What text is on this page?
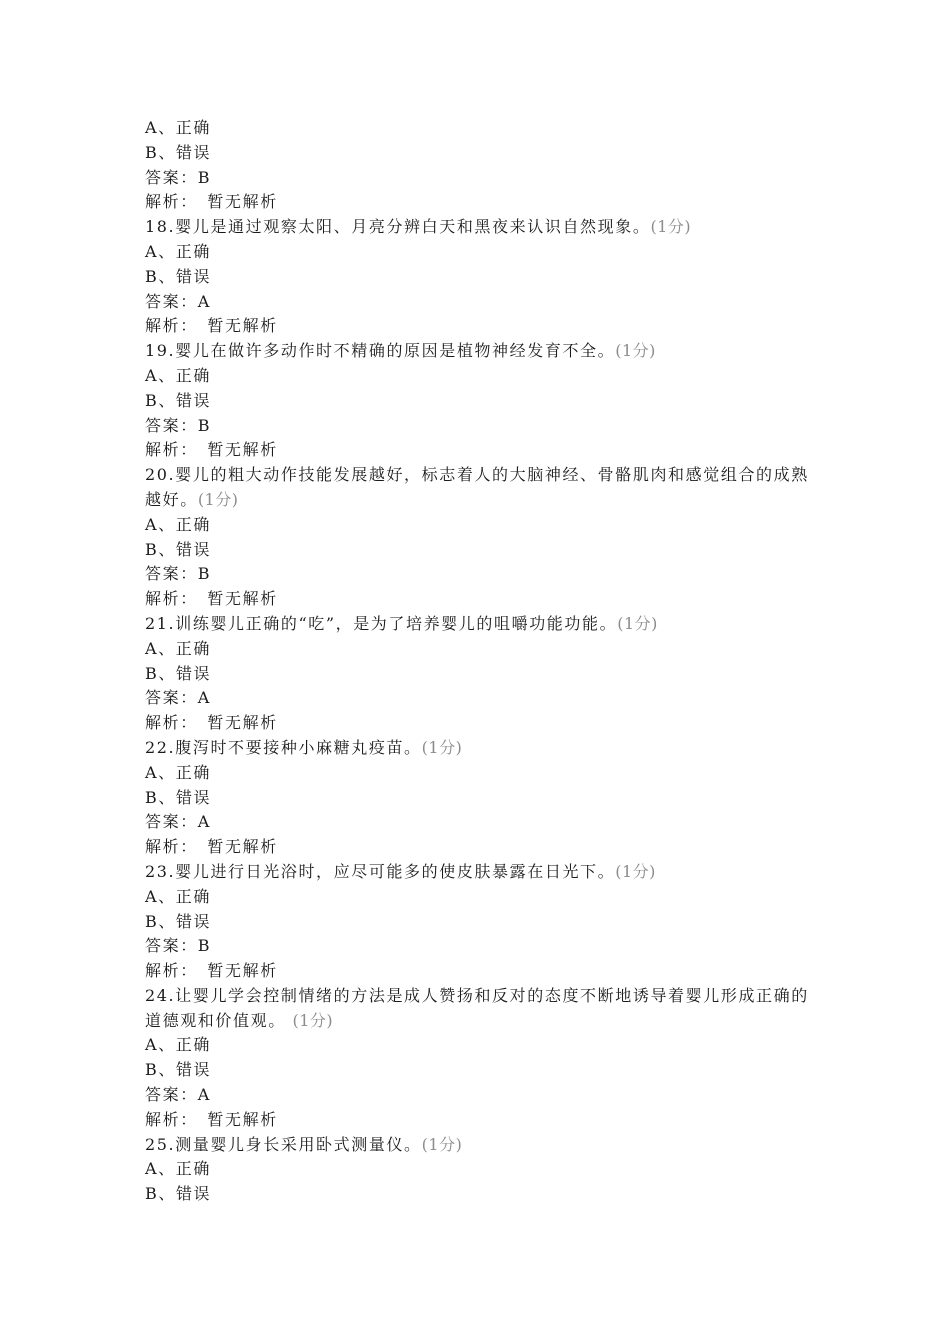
A、正确
B、错误
答案：B
解析：　暂无解析
18.婴儿是通过观察太阳、月亮分辨白天和黑夜来认识自然现象。(1分)
A、正确
B、错误
答案：A
解析：　暂无解析
19.婴儿在做许多动作时不精确的原因是植物神经发育不全。(1分)
A、正确
B、错误
答案：B
解析：　暂无解析
20.婴儿的粗大动作技能发展越好，标志着人的大脑神经、骨骼肌肉和感觉组合的成熟越好。(1分)
A、正确
B、错误
答案：B
解析：　暂无解析
21.训练婴儿正确的“吃”，是为了培养婴儿的咀嚼功能功能。(1分)
A、正确
B、错误
答案：A
解析：　暂无解析
22.腹泻时不要接种小麻糖丸疫苗。(1分)
A、正确
B、错误
答案：A
解析：　暂无解析
23.婴儿进行日光浴时，应尽可能多的使皮肤暴露在日光下。(1分)
A、正确
B、错误
答案：B
解析：　暂无解析
24.让婴儿学会控制情绪的方法是成人赞扬和反对的态度不断地诱导着婴儿形成正确的道德观和价值观。 (1分)
A、正确
B、错误
答案：A
解析：　暂无解析
25.测量婴儿身长采用卧式测量仪。(1分)
A、正确
B、错误
